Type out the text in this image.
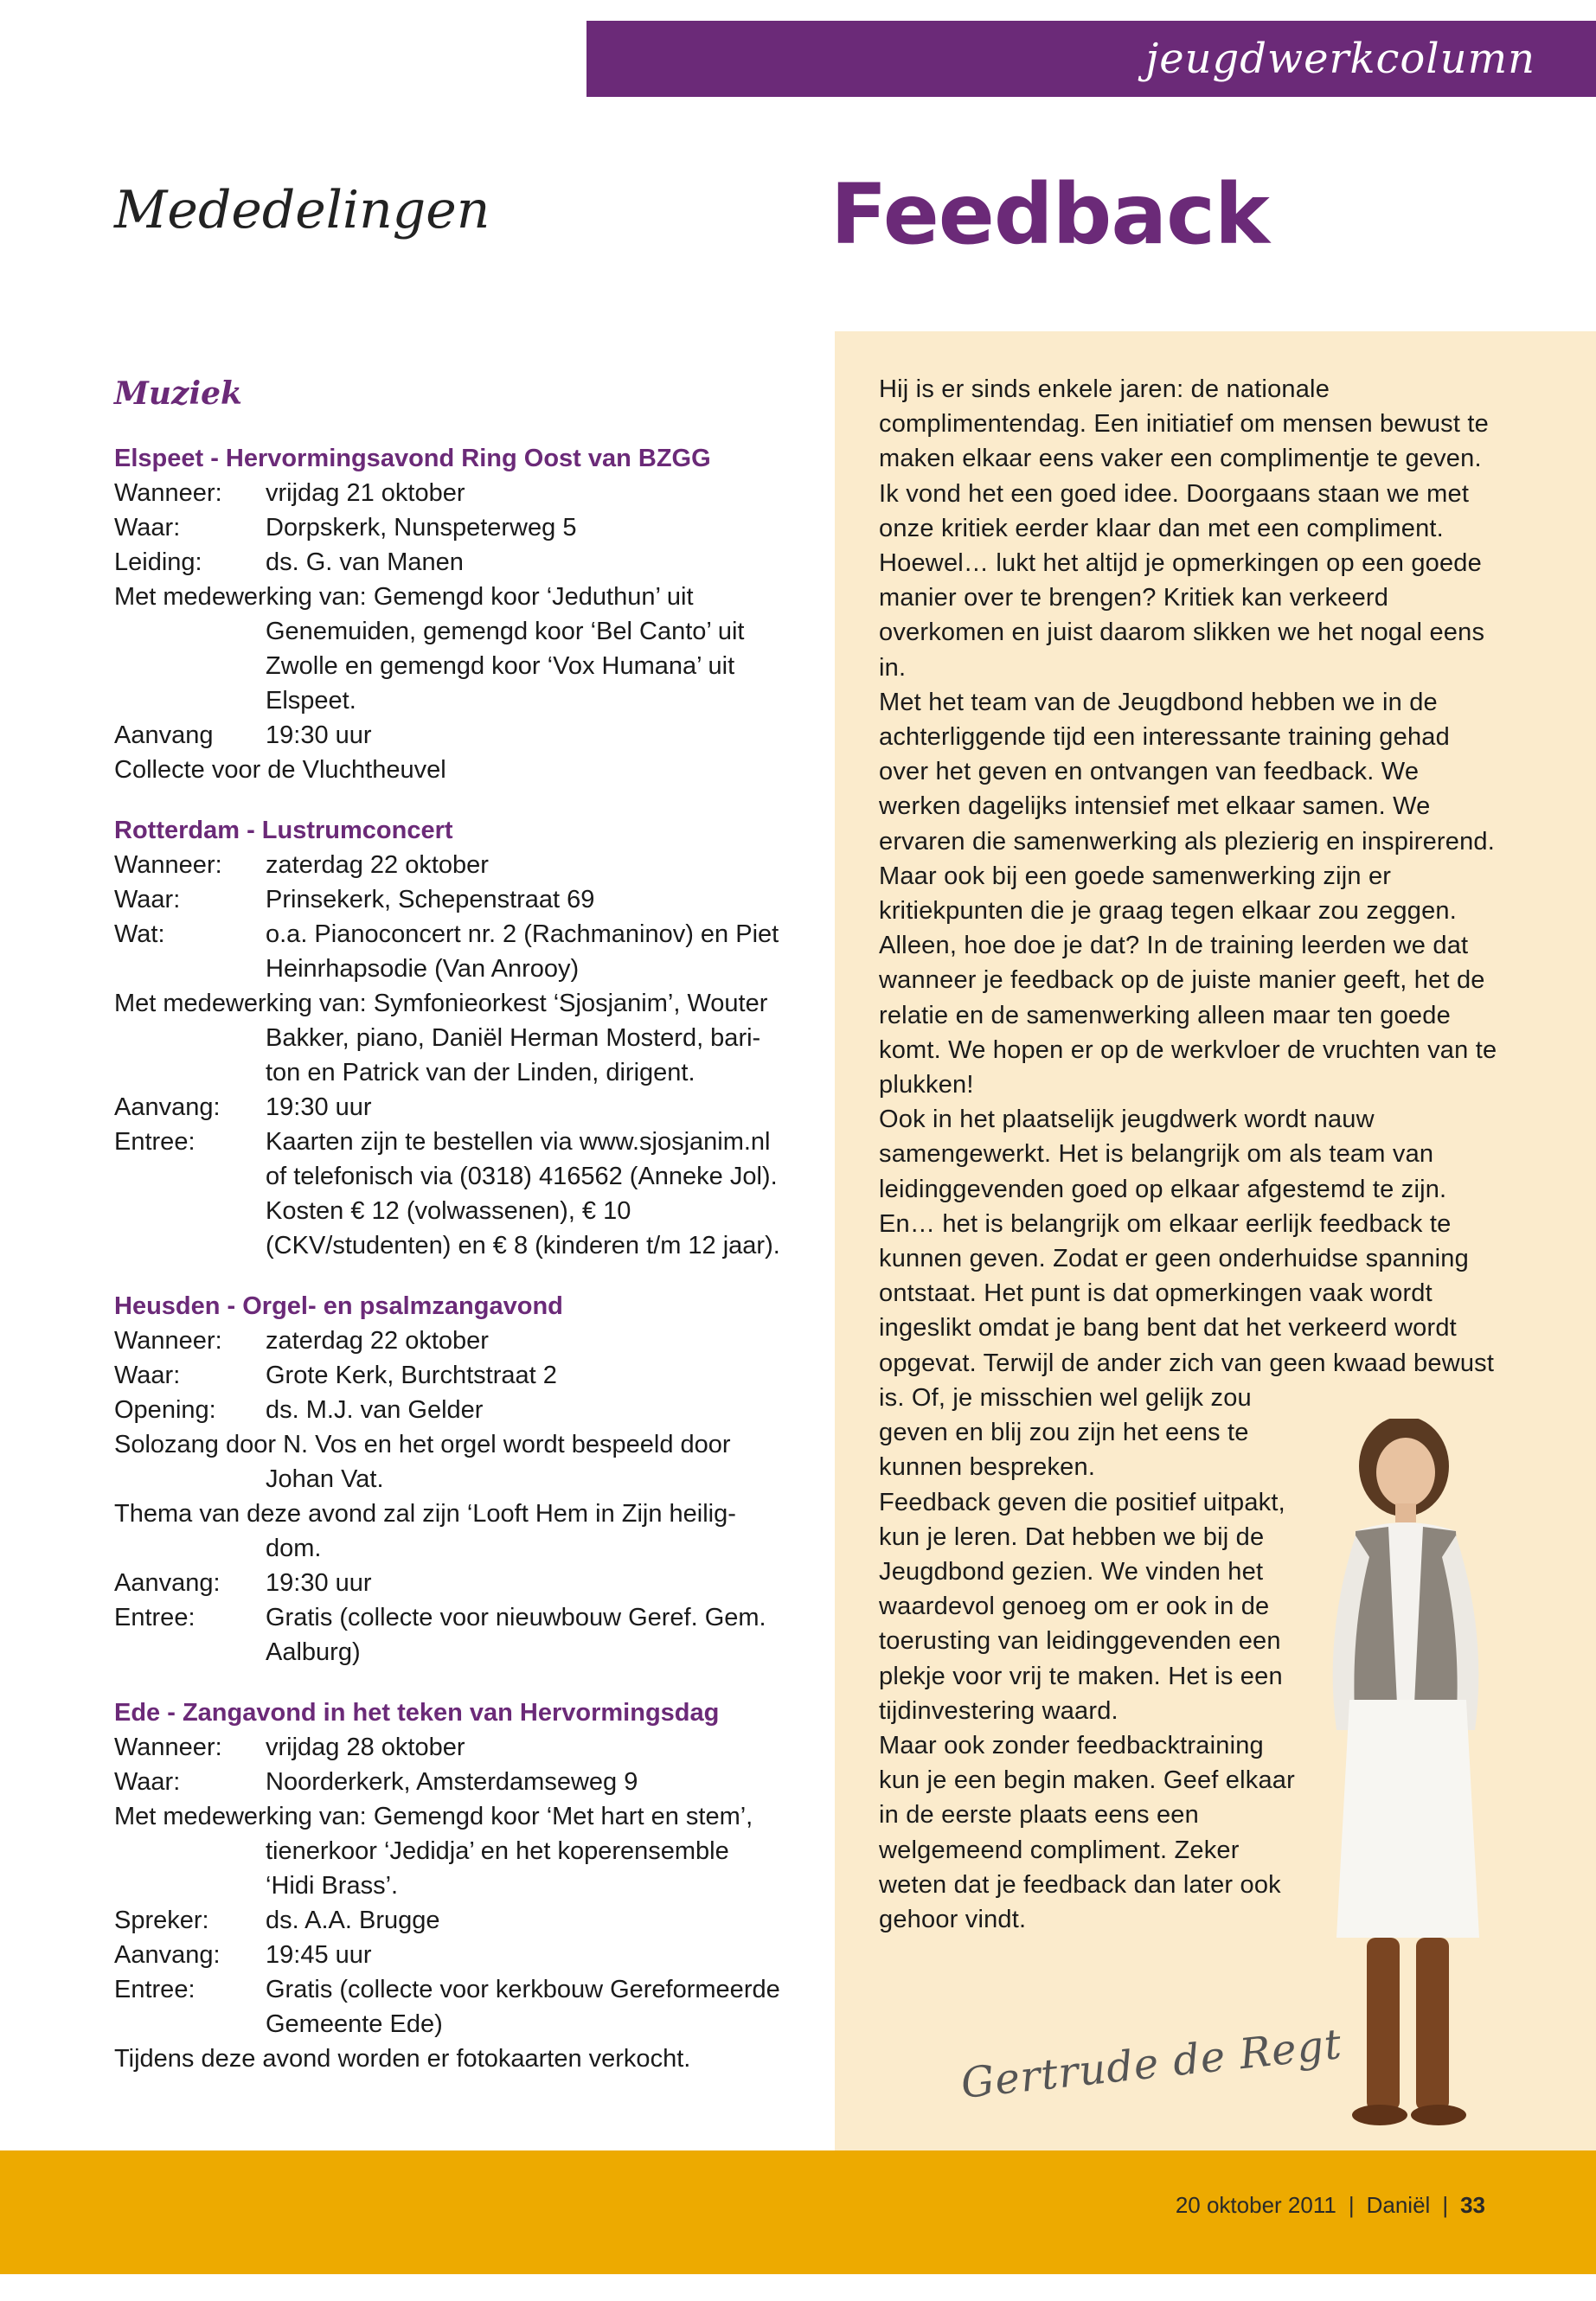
jeugdwerkcolumn
Mededelingen	Feedback
Muziek
Elspeet - Hervormingsavond Ring Oost van BZGG
Wanneer:	vrijdag 21 oktober
Waar:	Dorpskerk, Nunspeterweg 5
Leiding:	ds. G. van Manen
Met medewerking van: Gemengd koor ‘Jeduthun’ uit
Genemuiden, gemengd koor ‘Bel Canto’ uit
Zwolle en gemengd koor ‘Vox Humana’ uit
Elspeet.
Aanvang	19:30 uur
Collecte voor de Vluchtheuvel
Rotterdam - Lustrumconcert
Wanneer:	zaterdag 22 oktober
Waar:	Prinsekerk, Schepenstraat 69
Wat:	o.a. Pianoconcert nr. 2 (Rachmaninov) en Piet Heinrhapsodie (Van Anrooy)
Met medewerking van: Symfonieorkest ‘Sjosjanim’, Wouter
Bakker, piano, Daniël Herman Mosterd, bari-
ton en Patrick van der Linden, dirigent.
Aanvang:	19:30 uur
Entree:	Kaarten zijn te bestellen via www.sjosjanim.nl of telefonisch via (0318) 416562 (Anneke Jol). Kosten € 12 (volwassenen), € 10 (CKV/studenten) en € 8 (kinderen t/m 12 jaar).
Heusden - Orgel- en psalmzangavond
Wanneer:	zaterdag 22 oktober
Waar:	Grote Kerk, Burchtstraat 2
Opening:	ds. M.J. van Gelder
Solozang door N. Vos en het orgel wordt bespeeld door
Johan Vat.
Thema van deze avond zal zijn ‘Looft Hem in Zijn heilig-
dom.
Aanvang:	19:30 uur
Entree:	Gratis (collecte voor nieuwbouw Geref. Gem. Aalburg)
Ede - Zangavond in het teken van Hervormingsdag
Wanneer:	vrijdag 28 oktober
Waar:	Noorderkerk, Amsterdamseweg 9
Met medewerking van: Gemengd koor ‘Met hart en stem’,
tienerkoor ‘Jedidja’ en het koperensemble
‘Hidi Brass’.
Spreker:	ds. A.A. Brugge
Aanvang:	19:45 uur
Entree:	Gratis (collecte voor kerkbouw Gereformeerde Gemeente Ede)
Tijdens deze avond worden er fotokaarten verkocht.

Hij is er sinds enkele jaren: de nationale complimentendag. Een initiatief om mensen bewust te maken elkaar eens vaker een complimentje te geven. Ik vond het een goed idee. Doorgaans staan we met onze kritiek eerder klaar dan met een compliment. Hoewel… lukt het altijd je opmerkingen op een goede manier over te brengen? Kritiek kan verkeerd overkomen en juist daarom slikken we het nogal eens in.

Met het team van de Jeugdbond hebben we in de achterliggende tijd een interessante training gehad over het geven en ontvangen van feedback. We werken dagelijks intensief met elkaar samen. We ervaren die samenwerking als plezierig en inspirerend. Maar ook bij een goede samenwerking zijn er kritiekpunten die je graag tegen elkaar zou zeggen. Alleen, hoe doe je dat? In de training leerden we dat wanneer je feedback op de juiste manier geeft, het de relatie en de samenwerking alleen maar ten goede komt. We hopen er op de werkvloer de vruchten van te plukken!

Ook in het plaatselijk jeugdwerk wordt nauw samengewerkt. Het is belangrijk om als team van leidinggevenden goed op elkaar afgestemd te zijn. En… het is belangrijk om elkaar eerlijk feedback te kunnen geven. Zodat er geen onderhuidse spanning ontstaat. Het punt is dat opmerkingen vaak wordt ingeslikt omdat je bang bent dat het verkeerd wordt opgevat. Terwijl de ander zich van geen kwaad bewust is. Of, je misschien wel gelijk zou

geven en blij zou zijn het eens te kunnen bespreken.

Feedback geven die positief uitpakt, kun je leren. Dat hebben we bij de Jeugdbond gezien. We vinden het waardevol genoeg om er ook in de toerusting van leidinggevenden een plekje voor vrij te maken. Het is een tijdinvestering waard.

Maar ook zonder feedbacktraining kun je een begin maken. Geef elkaar in de eerste plaats eens een welgemeend compliment. Zeker weten dat je feedback dan later ook gehoor vindt.

Gertrude de Regt
20 oktober 2011 | Daniël | 33
